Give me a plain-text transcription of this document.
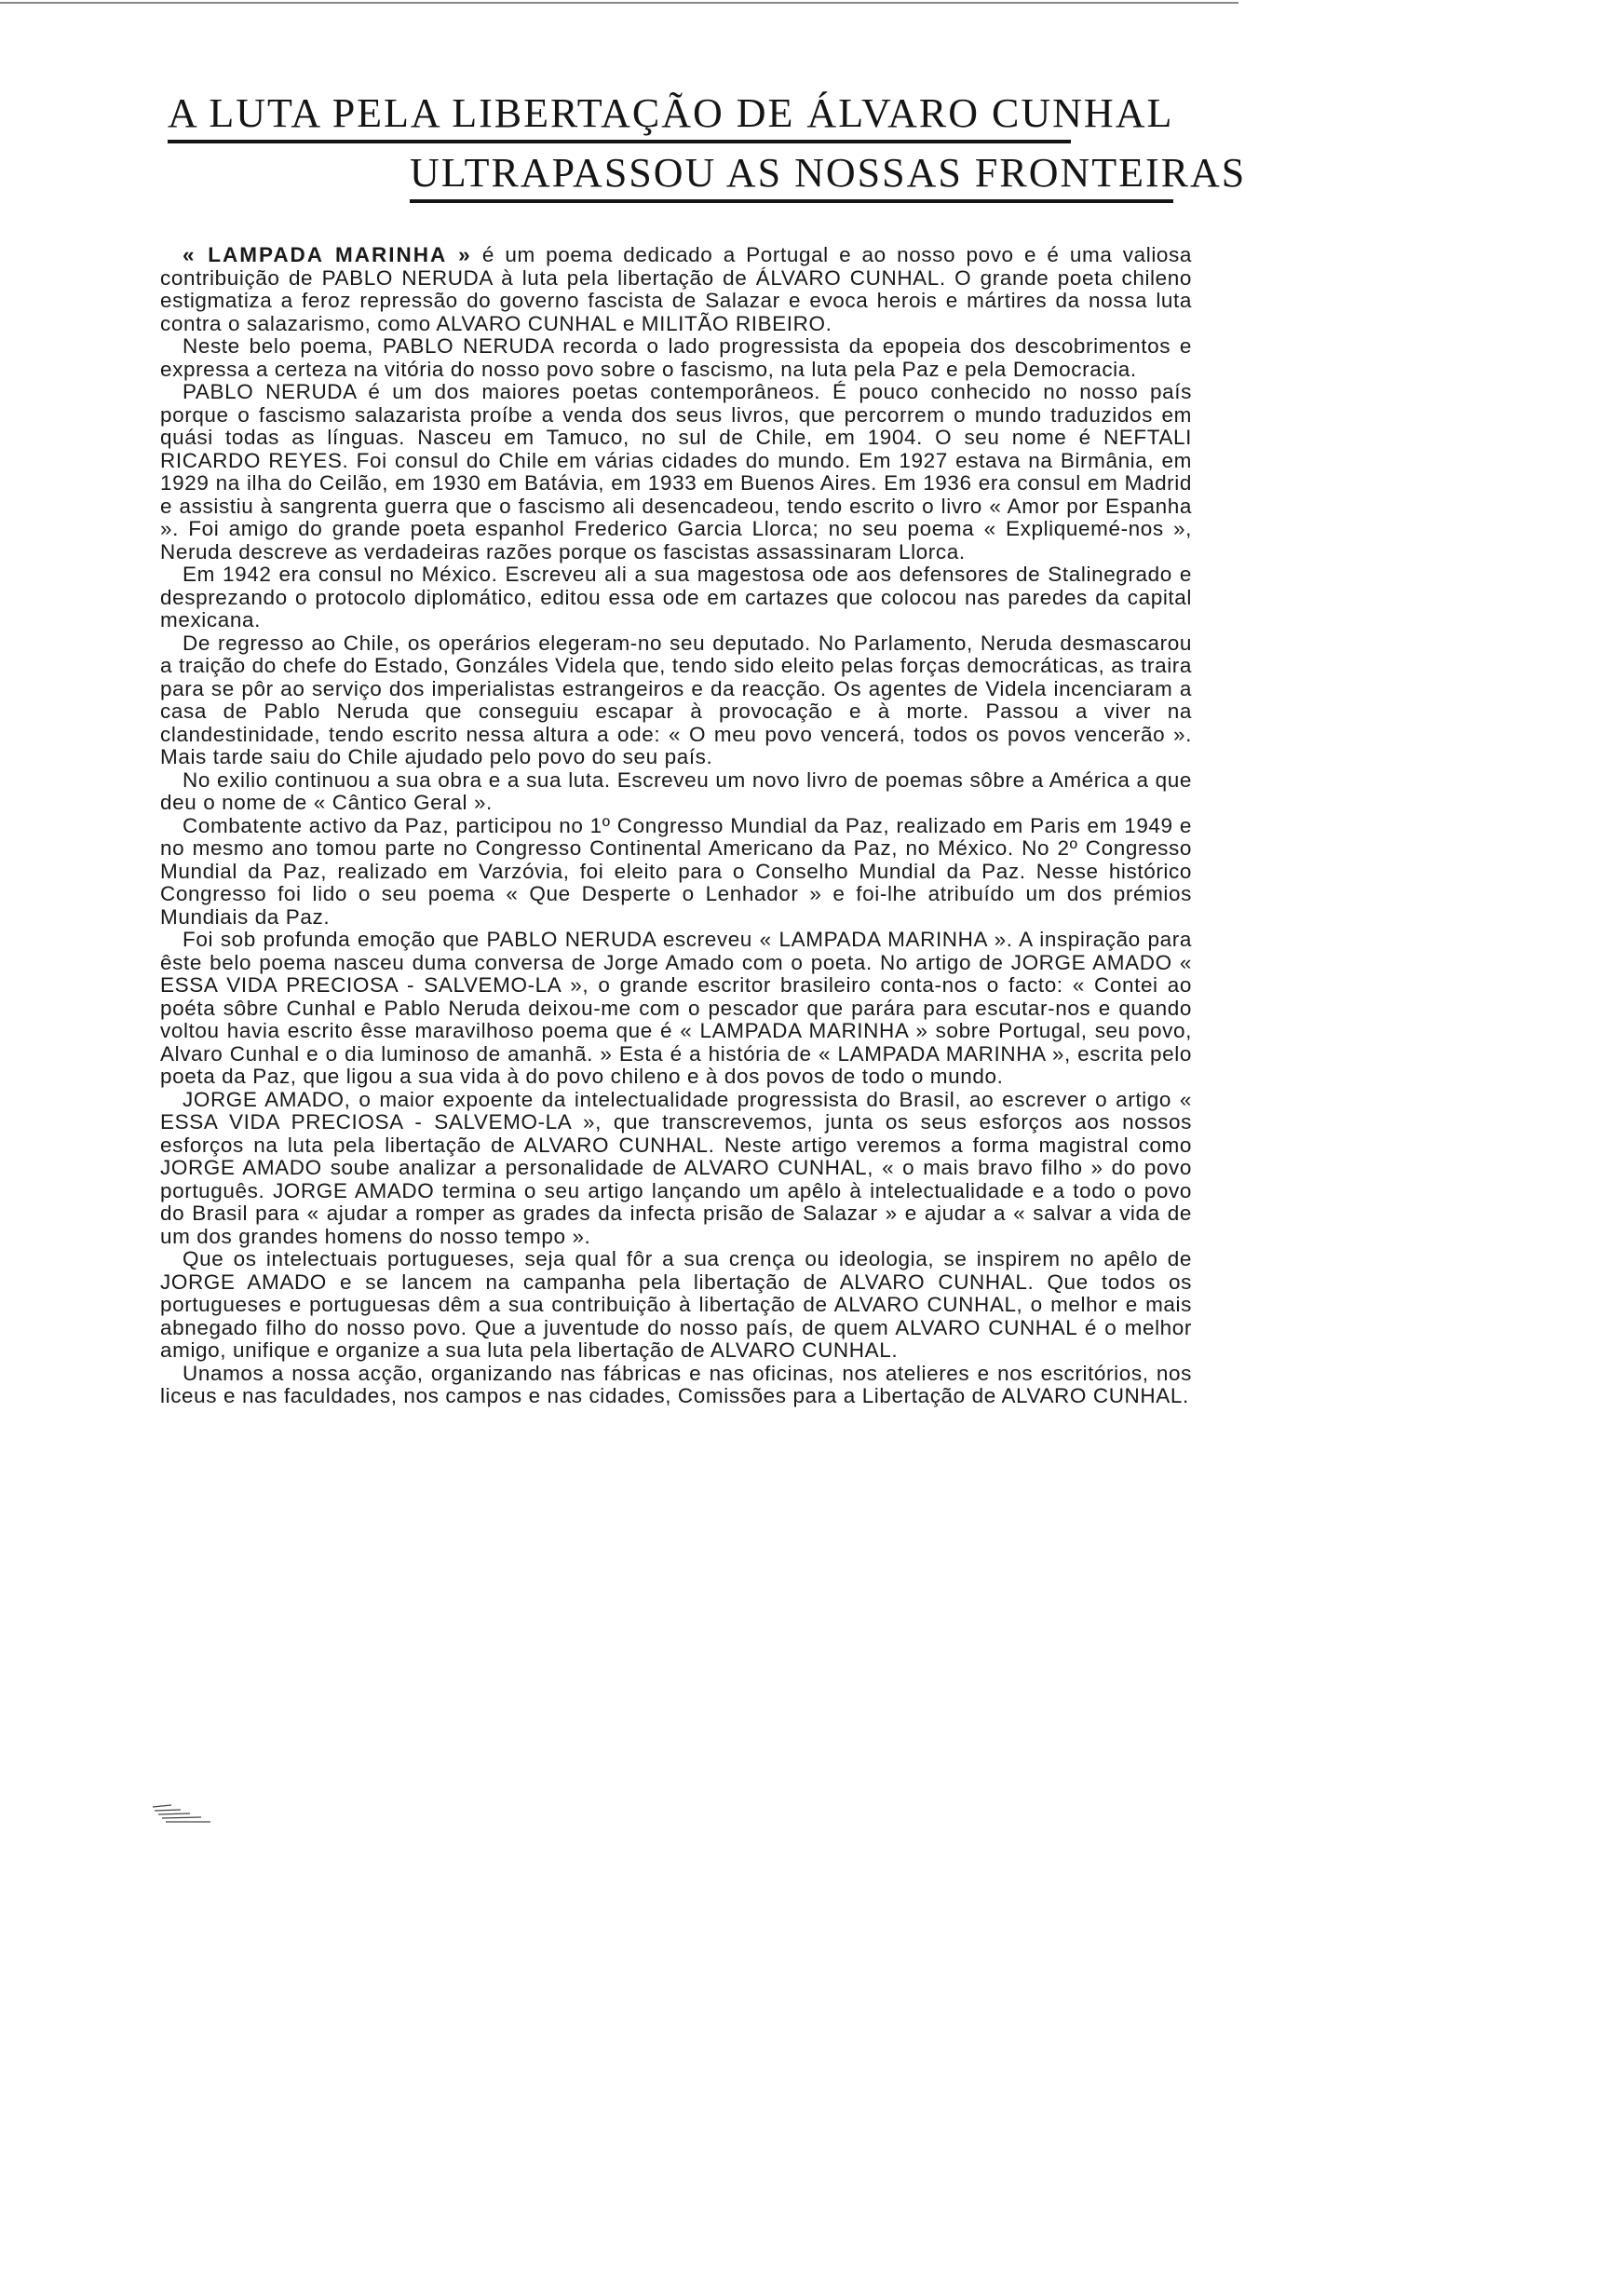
A LUTA PELA LIBERTAÇÃO DE ÁLVARO CUNHAL
ULTRAPASSOU AS NOSSAS FRONTEIRAS

« LAMPADA MARINHA » é um poema dedicado a Portugal e ao nosso povo e é uma valiosa contribuição de PABLO NERUDA à luta pela libertação de ÁLVARO CUNHAL. O grande poeta chileno estigmatiza a feroz repressão do governo fascista de Salazar e evoca herois e mártires da nossa luta contra o salazarismo, como ALVARO CUNHAL e MILITÃO RIBEIRO.

Neste belo poema, PABLO NERUDA recorda o lado progressista da epopeia dos descobrimentos e expressa a certeza na vitória do nosso povo sobre o fascismo, na luta pela Paz e pela Democracia.

PABLO NERUDA é um dos maiores poetas contemporâneos. É pouco conhecido no nosso país porque o fascismo salazarista proíbe a venda dos seus livros, que percorrem o mundo traduzidos em quási todas as línguas. Nasceu em Tamuco, no sul de Chile, em 1904. O seu nome é NEFTALI RICARDO REYES. Foi consul do Chile em várias cidades do mundo. Em 1927 estava na Birmânia, em 1929 na ilha do Ceilão, em 1930 em Batávia, em 1933 em Buenos Aires. Em 1936 era consul em Madrid e assistiu à sangrenta guerra que o fascismo ali desencadeou, tendo escrito o livro « Amor por Espanha ». Foi amigo do grande poeta espanhol Frederico Garcia Llorca; no seu poema « Expliquemé-nos », Neruda descreve as verdadeiras razões porque os fascistas assassinaram Llorca.

Em 1942 era consul no México. Escreveu ali a sua magestosa ode aos defensores de Stalinegrado e desprezando o protocolo diplomático, editou essa ode em cartazes que colocou nas paredes da capital mexicana.

De regresso ao Chile, os operários elegeram-no seu deputado. No Parlamento, Neruda desmascarou a traição do chefe do Estado, Gonzáles Videla que, tendo sido eleito pelas forças democráticas, as traira para se pôr ao serviço dos imperialistas estrangeiros e da reacção. Os agentes de Videla incenciaram a casa de Pablo Neruda que conseguiu escapar à provocação e à morte. Passou a viver na clandestinidade, tendo escrito nessa altura a ode: « O meu povo vencerá, todos os povos vencerão ». Mais tarde saiu do Chile ajudado pelo povo do seu país.

No exilio continuou a sua obra e a sua luta. Escreveu um novo livro de poemas sôbre a América a que deu o nome de « Cântico Geral ».

Combatente activo da Paz, participou no 1º Congresso Mundial da Paz, realizado em Paris em 1949 e no mesmo ano tomou parte no Congresso Continental Americano da Paz, no México. No 2º Congresso Mundial da Paz, realizado em Varzóvia, foi eleito para o Conselho Mundial da Paz. Nesse histórico Congresso foi lido o seu poema « Que Desperte o Lenhador » e foi-lhe atribuído um dos prémios Mundiais da Paz.

Foi sob profunda emoção que PABLO NERUDA escreveu « LAMPADA MARINHA ». A inspiração para êste belo poema nasceu duma conversa de Jorge Amado com o poeta. No artigo de JORGE AMADO « ESSA VIDA PRECIOSA - SALVEMO-LA », o grande escritor brasileiro conta-nos o facto: « Contei ao poéta sôbre Cunhal e Pablo Neruda deixou-me com o pescador que parára para escutar-nos e quando voltou havia escrito êsse maravilhoso poema que é « LAMPADA MARINHA » sobre Portugal, seu povo, Alvaro Cunhal e o dia luminoso de amanhã. » Esta é a história de « LAMPADA MARINHA », escrita pelo poeta da Paz, que ligou a sua vida à do povo chileno e à dos povos de todo o mundo.

JORGE AMADO, o maior expoente da intelectualidade progressista do Brasil, ao escrever o artigo « ESSA VIDA PRECIOSA - SALVEMO-LA », que transcrevemos, junta os seus esforços aos nossos esforços na luta pela libertação de ALVARO CUNHAL. Neste artigo veremos a forma magistral como JORGE AMADO soube analizar a personalidade de ALVARO CUNHAL, « o mais bravo filho » do povo português. JORGE AMADO termina o seu artigo lançando um apêlo à intelectualidade e a todo o povo do Brasil para « ajudar a romper as grades da infecta prisão de Salazar » e ajudar a « salvar a vida de um dos grandes homens do nosso tempo ».

Que os intelectuais portugueses, seja qual fôr a sua crença ou ideologia, se inspirem no apêlo de JORGE AMADO e se lancem na campanha pela libertação de ALVARO CUNHAL. Que todos os portugueses e portuguesas dêm a sua contribuição à libertação de ALVARO CUNHAL, o melhor e mais abnegado filho do nosso povo. Que a juventude do nosso país, de quem ALVARO CUNHAL é o melhor amigo, unifique e organize a sua luta pela libertação de ALVARO CUNHAL.

Unamos a nossa acção, organizando nas fábricas e nas oficinas, nos atelieres e nos escritórios, nos liceus e nas faculdades, nos campos e nas cidades, Comissões para a Libertação de ALVARO CUNHAL.
